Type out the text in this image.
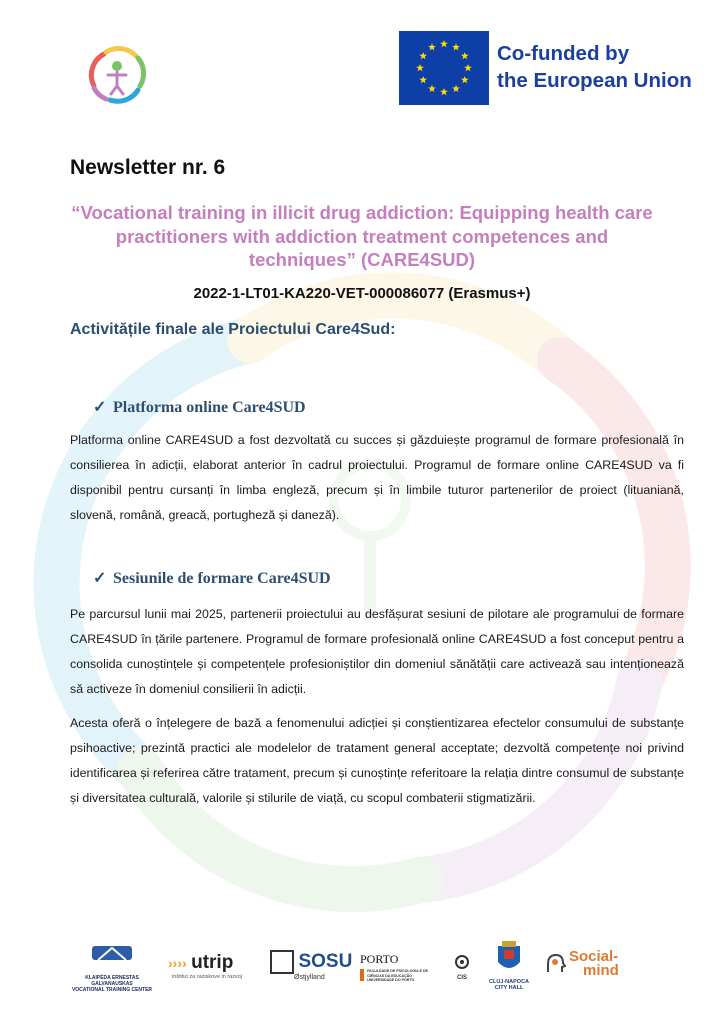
Co-funded by
the European Union
Newsletter nr. 6
“Vocational training in illicit drug addiction: Equipping health care practitioners with addiction treatment competences and techniques” (CARE4SUD)
2022-1-LT01-KA220-VET-000086077 (Erasmus+)
Activitățile finale ale Proiectului Care4Sud:
✓ Platforma online Care4SUD
Platforma online CARE4SUD a fost dezvoltată cu succes și găzduiește programul de formare profesională în consilierea în adicții, elaborat anterior în cadrul proiectului. Programul de formare online CARE4SUD va fi disponibil pentru cursanți în limba engleză, precum și în limbile tuturor partenerilor de proiect (lituaniană, slovenă, română, greacă, portugheză și daneză).
✓ Sesiunile de formare Care4SUD
Pe parcursul lunii mai 2025, partenerii proiectului au desfășurat sesiuni de pilotare ale programului de formare CARE4SUD în țările partenere. Programul de formare profesională online CARE4SUD a fost conceput pentru a consolida cunoștințele și competențele profesioniștilor din domeniul sănătății care activează sau intenționează să activeze în domeniul consilierii în adicții.
Acesta oferă o înțelegere de bază a fenomenului adicției și conștientizarea efectelor consumului de substanțe psihoactive; prezintă practici ale modelelor de tratament general acceptate; dezvoltă competențe noi privind identificarea și referirea către tratament, precum și cunoștințe referitoare la relația dintre consumul de substanțe și diversitatea culturală, valorile și stilurile de viață, cu scopul combaterii stigmatizării.
KLAIPĖDA ERNESTAS GALVANAUSKAS
VOCATIONAL TRAINING CENTER
›››› utrip
inštitut za raziskove in razvoj
SOSU
Østjylland
PORTO
FACULDADE DE PSICOLOGIA E DE CIÊNCIAS DA EDUCAÇÃO UNIVERSIDADE DO PORTO	CIS
CLUJ-NAPOCA
CITY HALL
Social-
mind
